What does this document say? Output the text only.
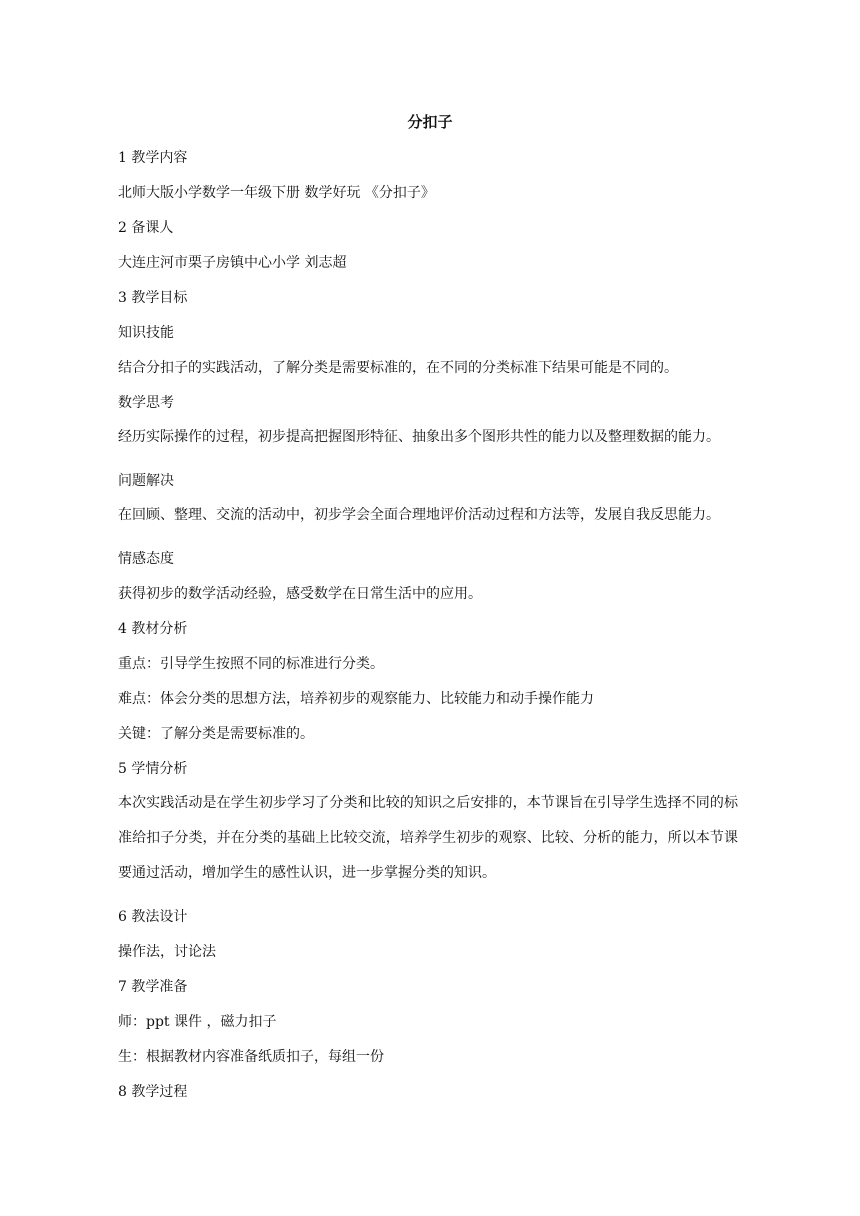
分扣子

1 教学内容

北师大版小学数学一年级下册 数学好玩 《分扣子》

2 备课人

大连庄河市栗子房镇中心小学 刘志超

3 教学目标

知识技能

结合分扣子的实践活动，了解分类是需要标准的，在不同的分类标准下结果可能是不同的。

数学思考

经历实际操作的过程，初步提高把握图形特征、抽象出多个图形共性的能力以及整理数据的能力。

问题解决

在回顾、整理、交流的活动中，初步学会全面合理地评价活动过程和方法等，发展自我反思能力。

情感态度

获得初步的数学活动经验，感受数学在日常生活中的应用。

4 教材分析

重点：引导学生按照不同的标准进行分类。

难点：体会分类的思想方法，培养初步的观察能力、比较能力和动手操作能力

关键：了解分类是需要标准的。

5 学情分析

本次实践活动是在学生初步学习了分类和比较的知识之后安排的，本节课旨在引导学生选择不同的标准给扣子分类，并在分类的基础上比较交流，培养学生初步的观察、比较、分析的能力，所以本节课要通过活动，增加学生的感性认识，进一步掌握分类的知识。

6 教法设计

操作法，讨论法

7 教学准备

师：ppt 课件 ，磁力扣子

生：根据教材内容准备纸质扣子，每组一份

8 教学过程
